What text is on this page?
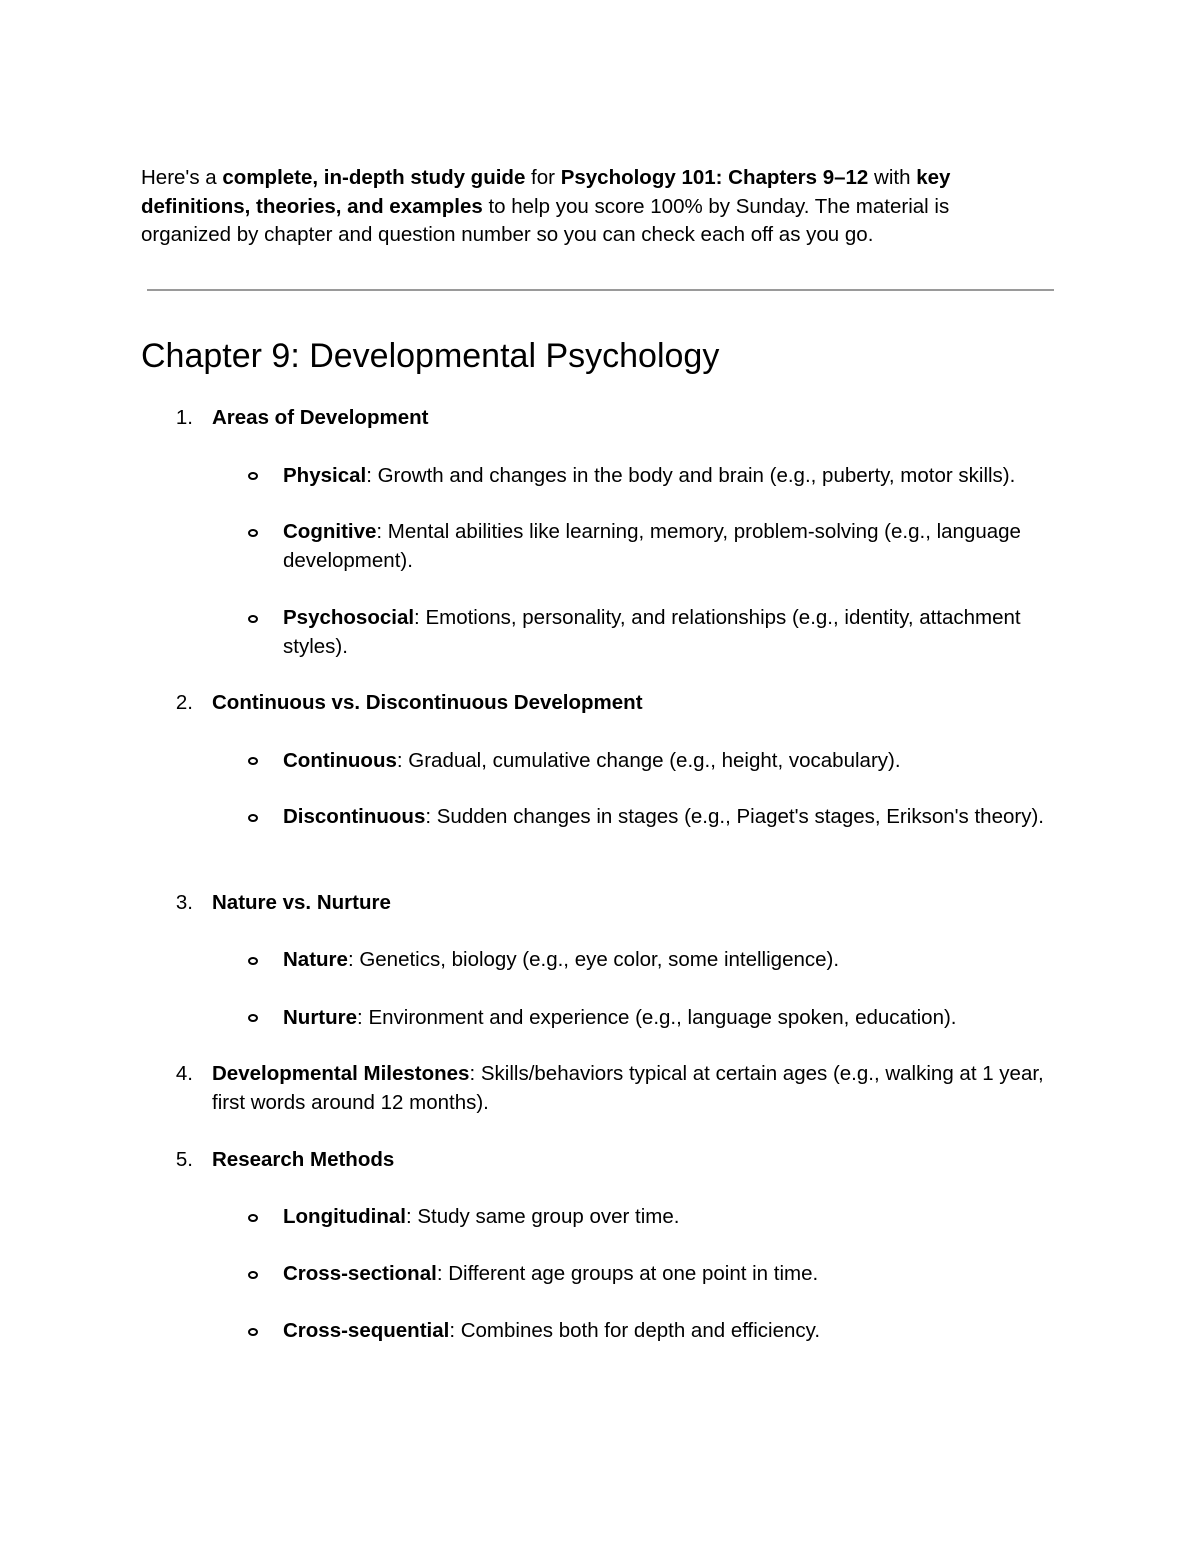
Here's a complete, in-depth study guide for Psychology 101: Chapters 9–12 with key definitions, theories, and examples to help you score 100% by Sunday. The material is organized by chapter and question number so you can check each off as you go.

Chapter 9: Developmental Psychology
1. Areas of Development

Physical: Growth and changes in the body and brain (e.g., puberty, motor skills).

Cognitive: Mental abilities like learning, memory, problem-solving (e.g., language development).

Psychosocial: Emotions, personality, and relationships (e.g., identity, attachment styles).

2. Continuous vs. Discontinuous Development

Continuous: Gradual, cumulative change (e.g., height, vocabulary).

Discontinuous: Sudden changes in stages (e.g., Piaget's stages, Erikson's theory).

3. Nature vs. Nurture

Nature: Genetics, biology (e.g., eye color, some intelligence).

Nurture: Environment and experience (e.g., language spoken, education).

4. Developmental Milestones: Skills/behaviors typical at certain ages (e.g., walking at 1 year, first words around 12 months).

5. Research Methods

Longitudinal: Study same group over time.

Cross-sectional: Different age groups at one point in time.

Cross-sequential: Combines both for depth and efficiency.
